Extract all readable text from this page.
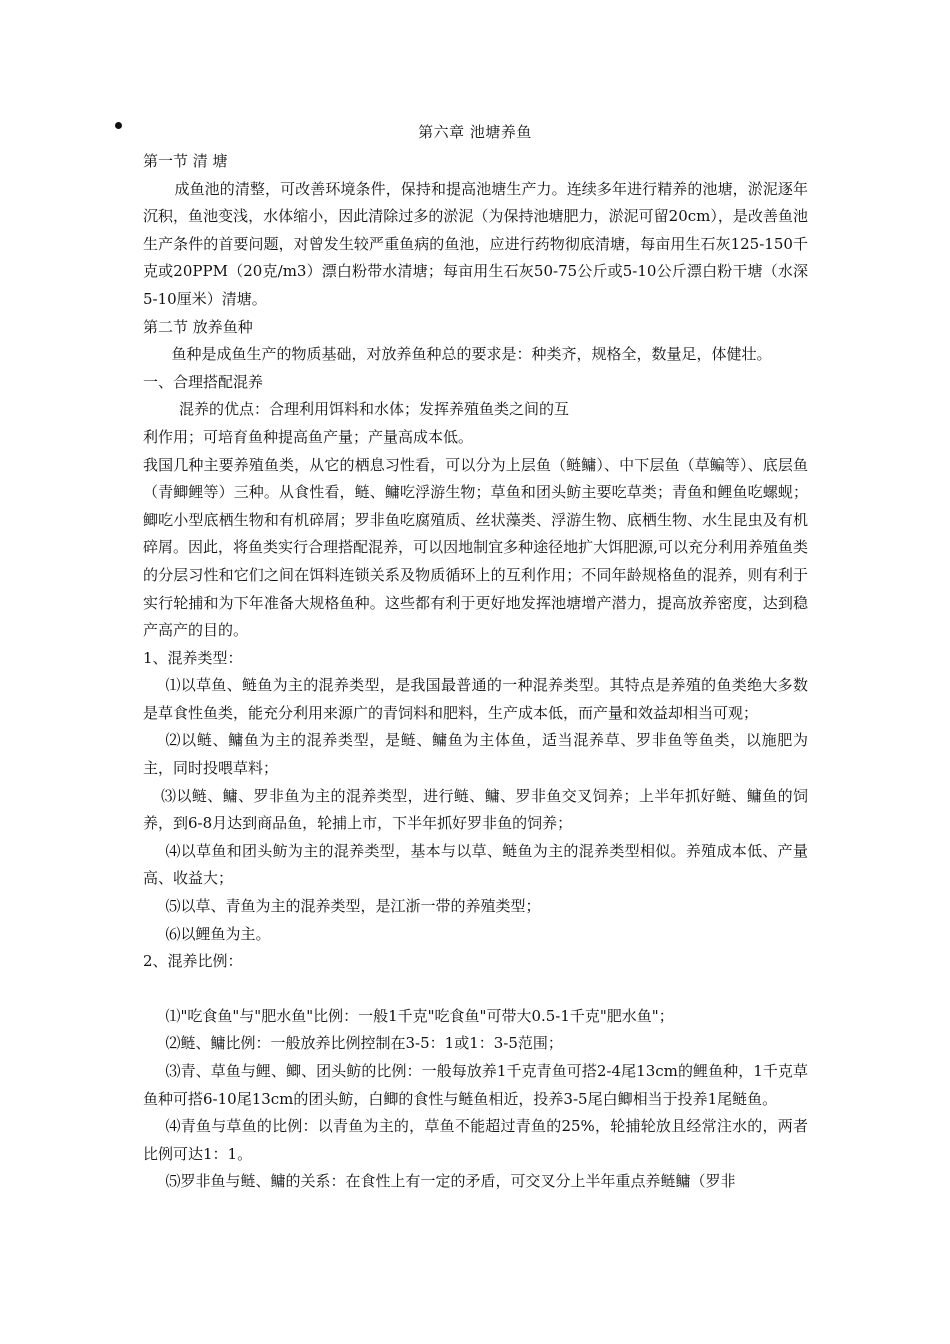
第六章 池塘养鱼

第一节 清 塘

成鱼池的清整，可改善环境条件，保持和提高池塘生产力。连续多年进行精养的池塘，淤泥逐年沉积，鱼池变浅，水体缩小，因此清除过多的淤泥（为保持池塘肥力，淤泥可留20cm），是改善鱼池生产条件的首要问题，对曾发生较严重鱼病的鱼池，应进行药物彻底清塘，每亩用生石灰125-150千克或20PPM（20克/m3）漂白粉带水清塘；每亩用生石灰50-75公斤或5-10公斤漂白粉干塘（水深5-10厘米）清塘。

第二节 放养鱼种

鱼种是成鱼生产的物质基础，对放养鱼种总的要求是：种类齐，规格全，数量足，体健壮。

一、合理搭配混养

混养的优点：合理利用饵料和水体；发挥养殖鱼类之间的互

利作用；可培育鱼种提高鱼产量；产量高成本低。

我国几种主要养殖鱼类，从它的栖息习性看，可以分为上层鱼（鲢鳙）、中下层鱼（草鳊等）、底层鱼（青鲫鲤等）三种。从食性看，鲢、鳙吃浮游生物；草鱼和团头鲂主要吃草类；青鱼和鲤鱼吃螺蚬；鲫吃小型底栖生物和有机碎屑；罗非鱼吃腐殖质、丝状藻类、浮游生物、底栖生物、水生昆虫及有机碎屑。因此，将鱼类实行合理搭配混养，可以因地制宜多种途径地扩大饵肥源,可以充分利用养殖鱼类的分层习性和它们之间在饵料连锁关系及物质循环上的互利作用；不同年龄规格鱼的混养，则有利于实行轮捕和为下年准备大规格鱼种。这些都有利于更好地发挥池塘增产潜力，提高放养密度，达到稳产高产的目的。

1、混养类型：

⑴以草鱼、鲢鱼为主的混养类型，是我国最普通的一种混养类型。其特点是养殖的鱼类绝大多数是草食性鱼类，能充分利用来源广的青饲料和肥料，生产成本低，而产量和效益却相当可观；

⑵以鲢、鳙鱼为主的混养类型，是鲢、鳙鱼为主体鱼，适当混养草、罗非鱼等鱼类，以施肥为主，同时投喂草料；

⑶以鲢、鳙、罗非鱼为主的混养类型，进行鲢、鳙、罗非鱼交叉饲养；上半年抓好鲢、鳙鱼的饲养，到6-8月达到商品鱼，轮捕上市，下半年抓好罗非鱼的饲养；

⑷以草鱼和团头鲂为主的混养类型，基本与以草、鲢鱼为主的混养类型相似。养殖成本低、产量高、收益大；

⑸以草、青鱼为主的混养类型，是江浙一带的养殖类型；

⑹以鲤鱼为主。

2、混养比例：

⑴"吃食鱼"与"肥水鱼"比例：一般1千克"吃食鱼"可带大0.5-1千克"肥水鱼"；

⑵鲢、鳙比例：一般放养比例控制在3-5：1或1：3-5范围；

⑶青、草鱼与鲤、鲫、团头鲂的比例：一般每放养1千克青鱼可搭2-4尾13cm的鲤鱼种，1千克草鱼种可搭6-10尾13cm的团头鲂，白鲫的食性与鲢鱼相近，投养3-5尾白鲫相当于投养1尾鲢鱼。

⑷青鱼与草鱼的比例：以青鱼为主的，草鱼不能超过青鱼的25%，轮捕轮放且经常注水的，两者比例可达1：1。

⑸罗非鱼与鲢、鳙的关系：在食性上有一定的矛盾，可交叉分上半年重点养鲢鳙（罗非
